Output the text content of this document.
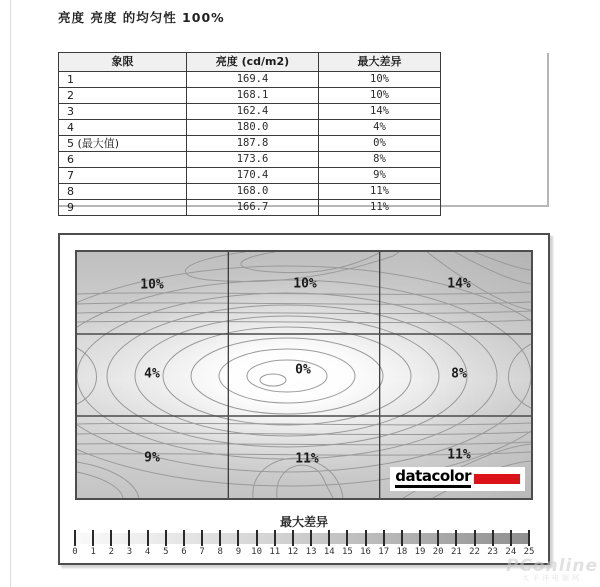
亮度 亮度 的均匀性 100%
象限	亮度 (cd/m2)	最大差异
1	169.4	10%
2	168.1	10%
3	162.4	14%
4	180.0	4%
5 (最大值)	187.8	0%
6	173.6	8%
7	170.4	9%
8	168.0	11%
9	166.7	11%
10%	10%	14%
4%	0%	8%
9%	11%	11%
datacolor
最大差异
0 1 2 3 4 5 6 7 8 9 10 11 12 13 14 15 16 17 18 19 20 21 22 23 24 25
PConline
太平洋电脑网
